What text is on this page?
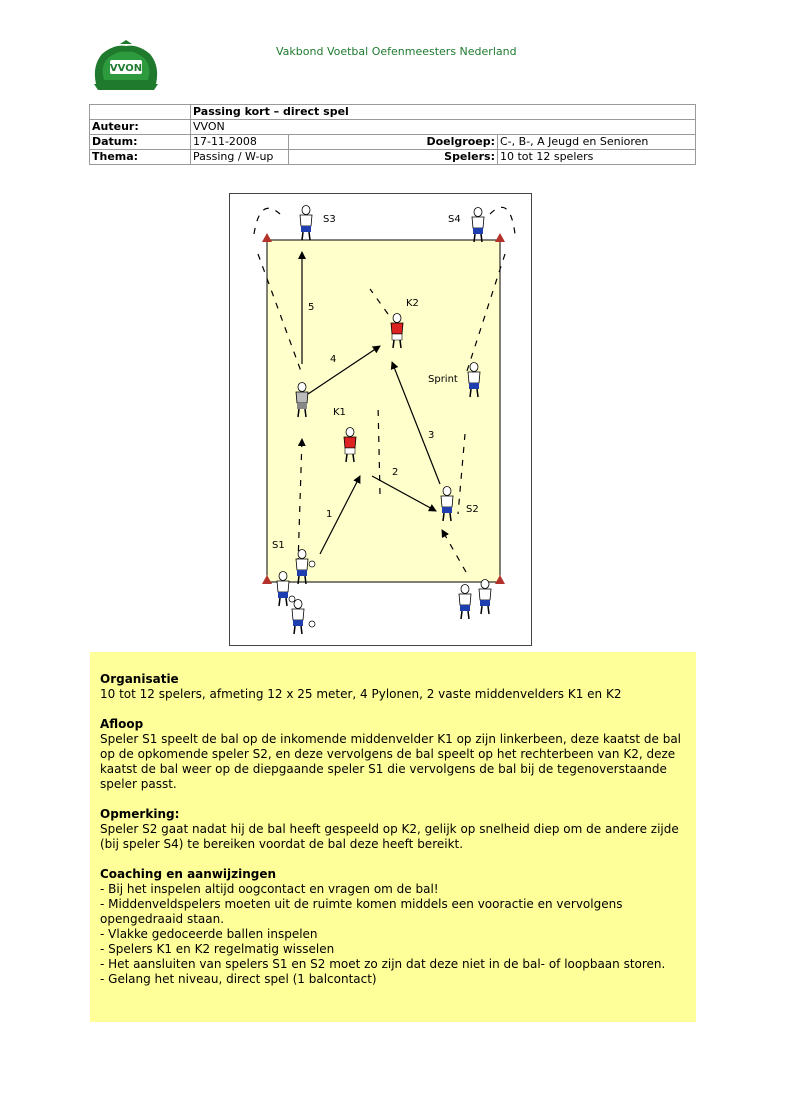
VVON
Vakbond Voetbal Oefenmeesters Nederland
	Passing kort – direct spel		
Auteur:	VVON		
Datum:	17-11-2008	Doelgroep:	C-, B-, A Jeugd en Senioren
Thema:	Passing / W-up	Spelers:	10 tot 12 spelers
S3	S4
K2
K1
Sprint
S2
S1
1
2
3
4
5
Organisatie

10 tot 12 spelers, afmeting 12 x 25 meter, 4 Pylonen, 2 vaste middenvelders K1 en K2

Afloop

Speler S1 speelt de bal op de inkomende middenvelder K1 op zijn linkerbeen, deze kaatst de bal op de opkomende speler S2, en deze vervolgens de bal speelt op het rechterbeen van K2, deze kaatst de bal weer op de diepgaande speler S1 die vervolgens de bal bij de tegenoverstaande speler passt.

Opmerking:

Speler S2 gaat nadat hij de bal heeft gespeeld op K2, gelijk op snelheid diep om de andere zijde (bij speler S4) te bereiken voordat de bal deze heeft bereikt.

Coaching en aanwijzingen
- Bij het inspelen altijd oogcontact en vragen om de bal!
- Middenveldspelers moeten uit de ruimte komen middels een vooractie en vervolgens opengedraaid staan.
- Vlakke gedoceerde ballen inspelen
- Spelers K1 en K2 regelmatig wisselen
- Het aansluiten van spelers S1 en S2 moet zo zijn dat deze niet in de bal- of loopbaan storen.
- Gelang het niveau, direct spel (1 balcontact)
